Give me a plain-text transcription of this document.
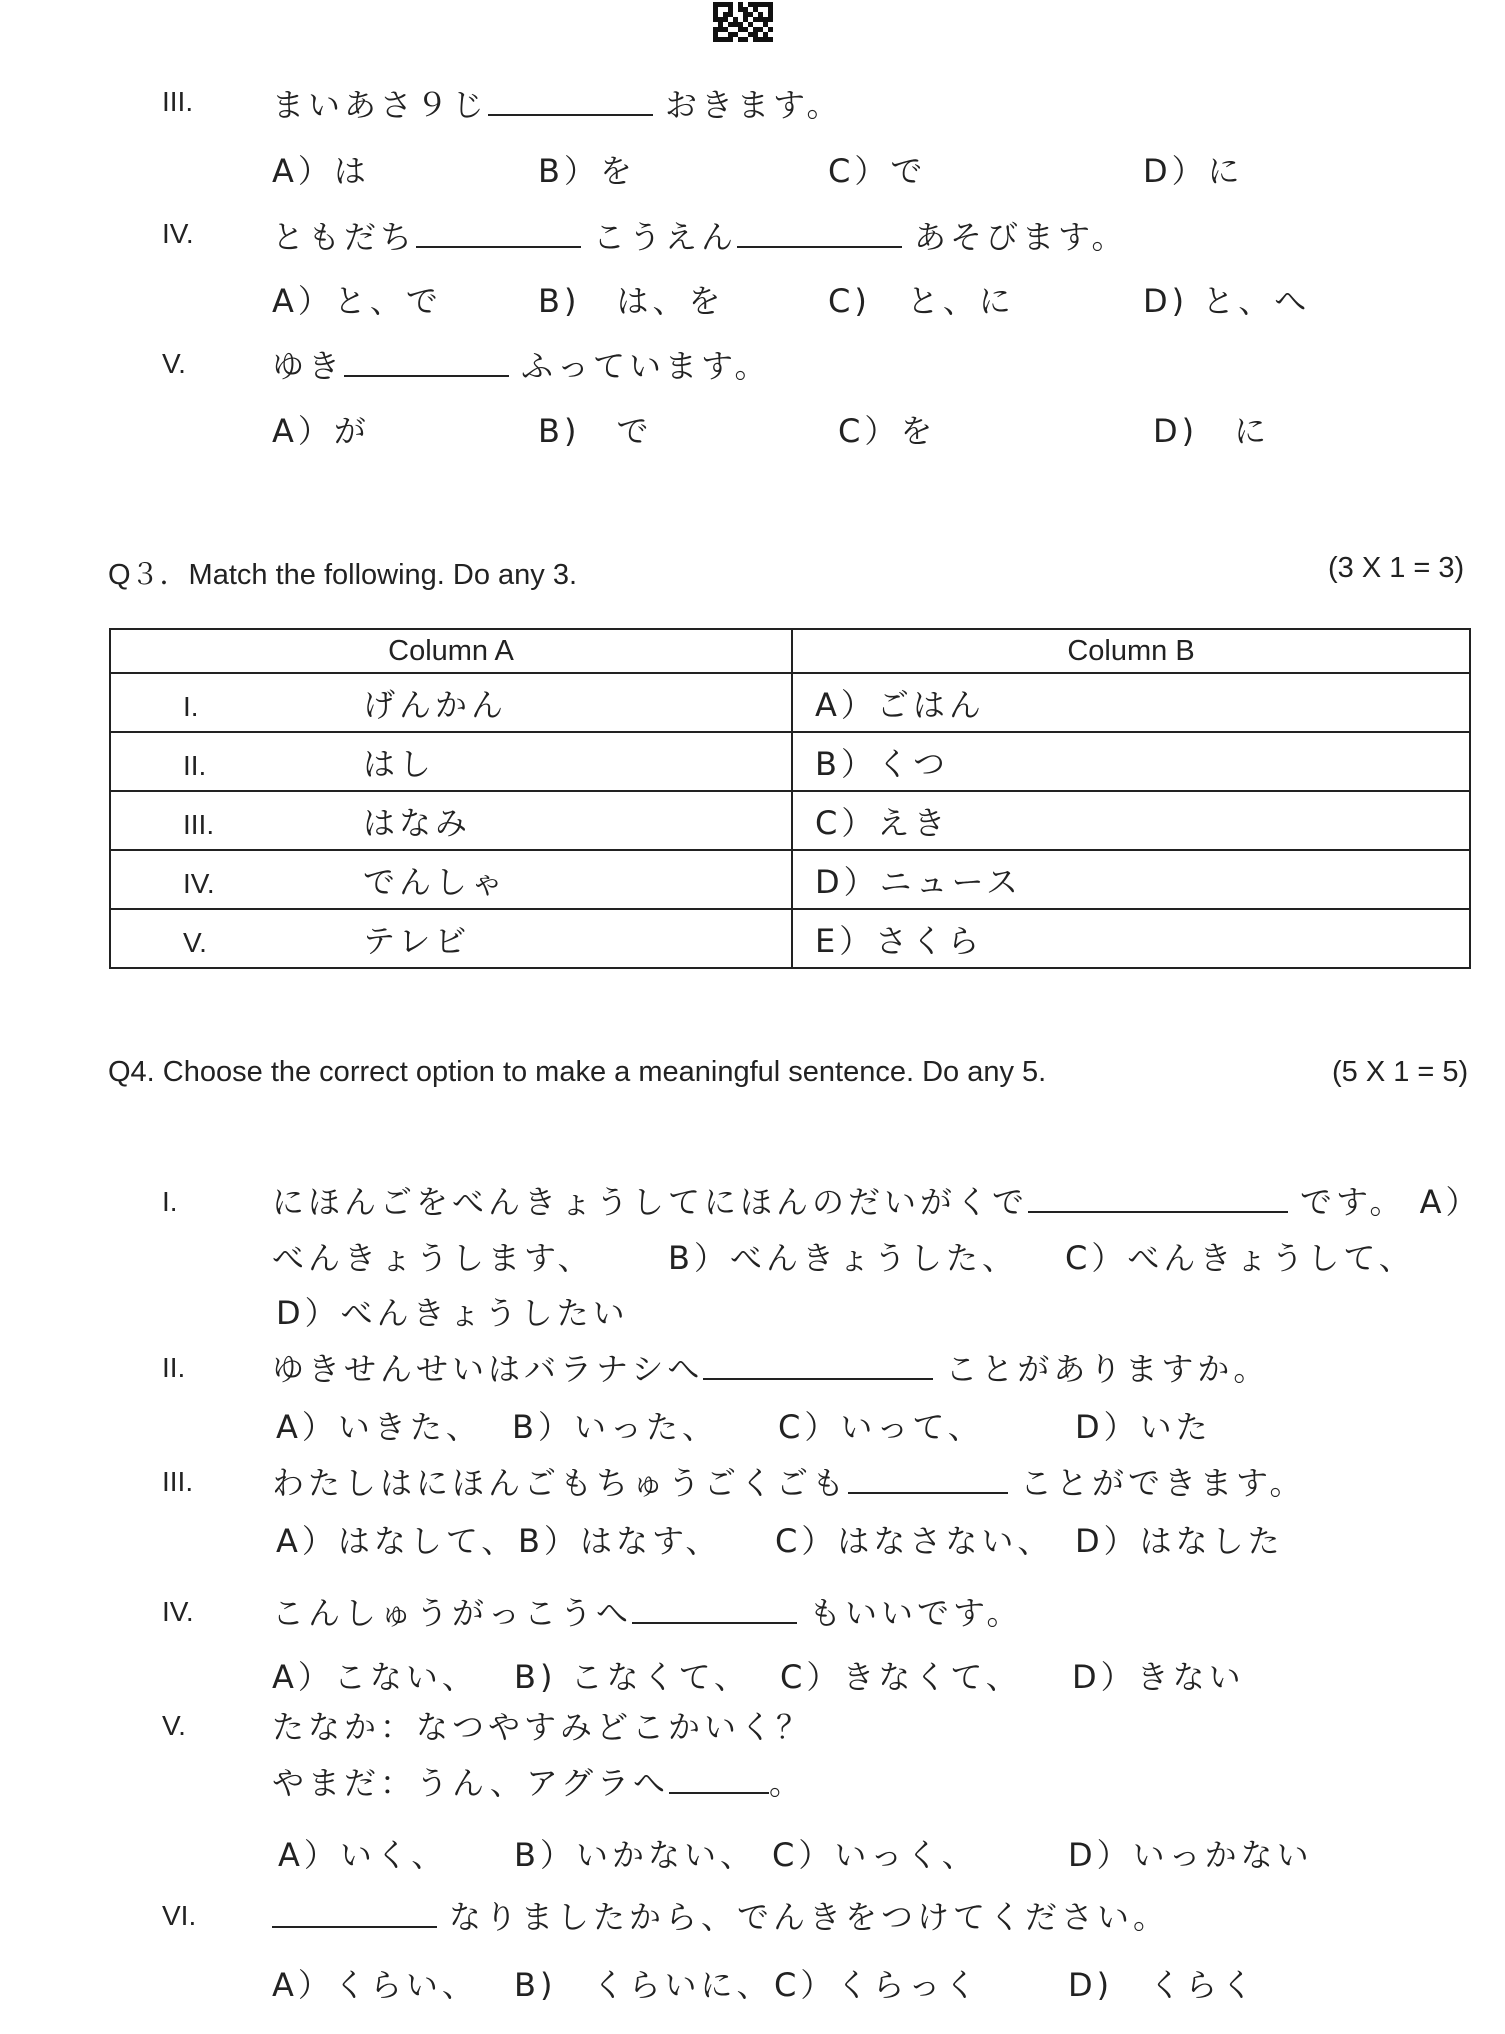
III. まいあさ９じ	おきます。
A）は	B）を	C）で	D）に
IV. ともだち	こうえん	あそびます。
A）と、で	B)　は、を	C)　と、に	D) と、へ
V.	ゆき	ふっています。
A）が	B)　で	C）を	D)　に
Q３．Match the following. Do any 3.	(3 X 1 = 3)
Column A	Column B
I. げんかん	A）ごはん
II. はし	B）くつ
III. はなみ	C）えき
IV. でんしゃ	D）ニュース
V. テレビ	E）さくら
Q4. Choose the correct option to make a meaningful sentence. Do any 5.	(5 X 1 = 5)
I.	にほんごをべんきょうしてにほんのだいがくで	です。 A）
べんきょうします、 B）べんきょうした、 C）べんきょうして、
D）べんきょうしたい
II.	ゆきせんせいはバラナシへ	ことがありますか。
A）いきた、 B）いった、 C）いって、	D）いた
III. わたしはにほんごもちゅうごくごも	ことができます。
A）はなして、 B）はなす、 C）はなさない、 D）はなした
IV. こんしゅうがっこうへ	もいいです。
A）こない、 B) こなくて、 C）きなくて、 D）きない
V.	たなか：なつやすみどこかいく？
やまだ：うん、アグラへ	。
A）いく、 B）いかない、 C）いっく、	D）いっかない
VI.	なりましたから、でんきをつけてください。
A）くらい、 B)　くらいに、 C）くらっく	D)　くらく
